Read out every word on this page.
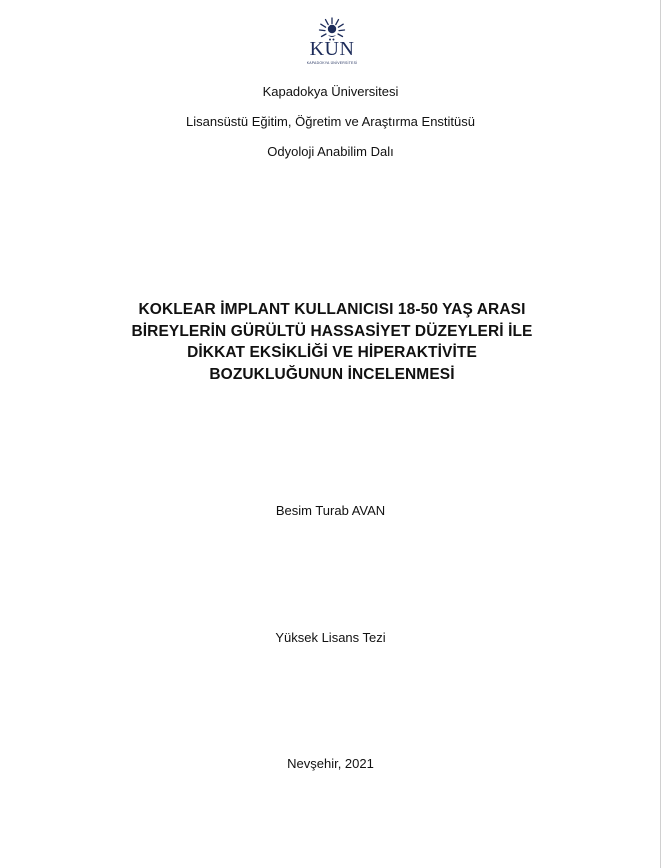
KÜN
KAPADOKYA ÜNİVERSİTESİ
Kapadokya Üniversitesi
Lisansüstü Eğitim, Öğretim ve Araştırma Enstitüsü
Odyoloji Anabilim Dalı
KOKLEAR İMPLANT KULLANICISI 18-50 YAŞ ARASI
BİREYLERİN GÜRÜLTÜ HASSASİYET DÜZEYLERİ İLE
DİKKAT EKSİKLİĞİ VE HİPERAKTİVİTE
BOZUKLUĞUNUN İNCELENMESİ
Besim Turab AVAN
Yüksek Lisans Tezi
Nevşehir, 2021
